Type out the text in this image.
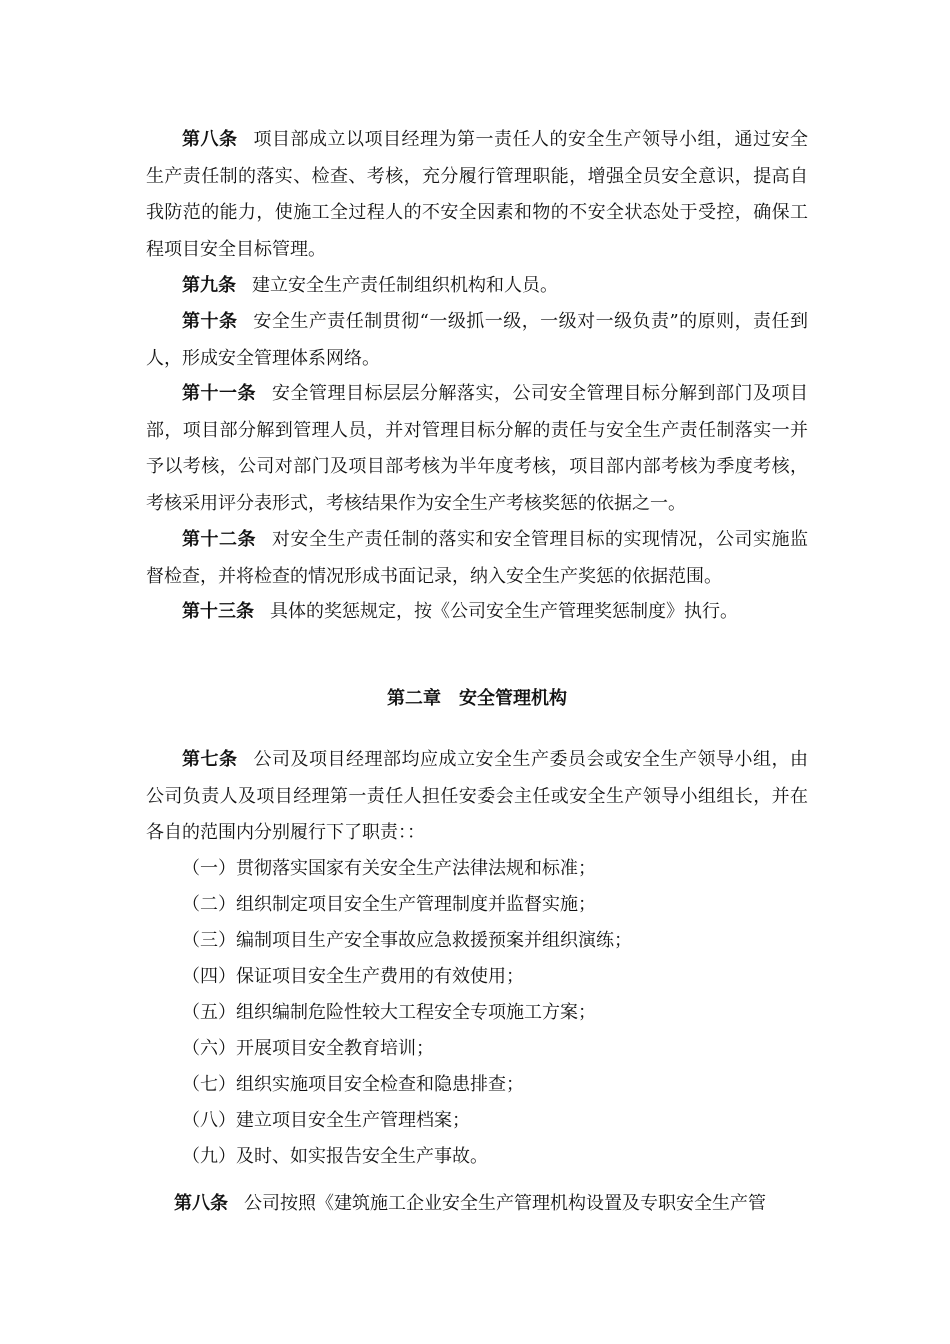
第八条 项目部成立以项目经理为第一责任人的安全生产领导小组，通过安全生产责任制的落实、检查、考核，充分履行管理职能，增强全员安全意识，提高自我防范的能力，使施工全过程人的不安全因素和物的不安全状态处于受控，确保工程项目安全目标管理。

第九条 建立安全生产责任制组织机构和人员。

第十条 安全生产责任制贯彻“一级抓一级，一级对一级负责”的原则，责任到人，形成安全管理体系网络。

第十一条 安全管理目标层层分解落实，公司安全管理目标分解到部门及项目部，项目部分解到管理人员，并对管理目标分解的责任与安全生产责任制落实一并予以考核，公司对部门及项目部考核为半年度考核，项目部内部考核为季度考核，考核采用评分表形式，考核结果作为安全生产考核奖惩的依据之一。

第十二条 对安全生产责任制的落实和安全管理目标的实现情况，公司实施监督检查，并将检查的情况形成书面记录，纳入安全生产奖惩的依据范围。

第十三条 具体的奖惩规定，按《公司安全生产管理奖惩制度》执行。

第二章 安全管理机构

第七条 公司及项目经理部均应成立安全生产委员会或安全生产领导小组，由公司负责人及项目经理第一责任人担任安委会主任或安全生产领导小组组长，并在各自的范围内分别履行下了职责：：

（一）贯彻落实国家有关安全生产法律法规和标准；

（二）组织制定项目安全生产管理制度并监督实施；

（三）编制项目生产安全事故应急救援预案并组织演练；

（四）保证项目安全生产费用的有效使用；

（五）组织编制危险性较大工程安全专项施工方案；

（六）开展项目安全教育培训；

（七）组织实施项目安全检查和隐患排查；

（八）建立项目安全生产管理档案；

（九）及时、如实报告安全生产事故。

第八条 公司按照《建筑施工企业安全生产管理机构设置及专职安全生产管
